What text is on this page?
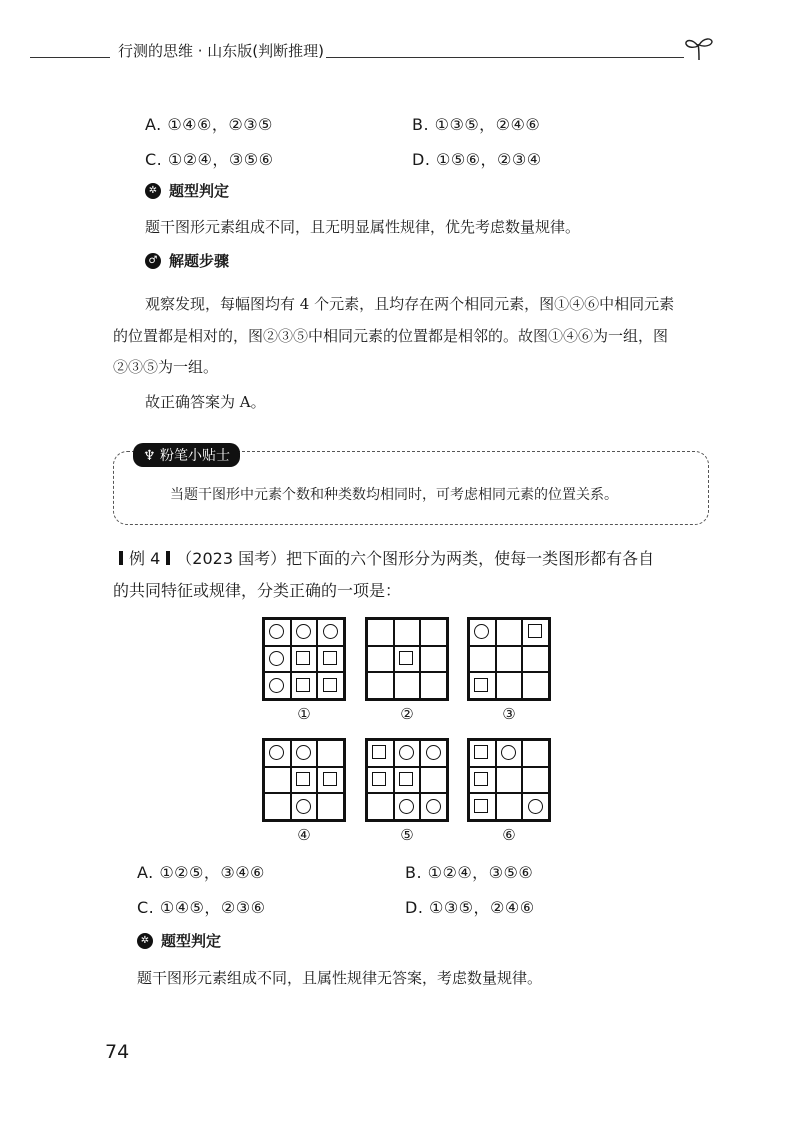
行测的思维 · 山东版(判断推理)
A. ①④⑥，②③⑤	B. ①③⑤，②④⑥
C. ①②④，③⑤⑥	D. ①⑤⑥，②③④
✲ 题型判定
题干图形元素组成不同，且无明显属性规律，优先考虑数量规律。
♂ 解题步骤
观察发现，每幅图均有 4 个元素，且均存在两个相同元素，图①④⑥中相同元素
的位置都是相对的，图②③⑤中相同元素的位置都是相邻的。故图①④⑥为一组，图
②③⑤为一组。
故正确答案为 A。
♆ 粉笔小贴士
当题干图形中元素个数和种类数均相同时，可考虑相同元素的位置关系。
例 4 （2023 国考）把下面的六个图形分为两类，使每一类图形都有各自
的共同特征或规律，分类正确的一项是：
①	②	③
④	⑤	⑥
A. ①②⑤，③④⑥	B. ①②④，③⑤⑥
C. ①④⑤，②③⑥	D. ①③⑤，②④⑥
✲ 题型判定
题干图形元素组成不同，且属性规律无答案，考虑数量规律。
74
